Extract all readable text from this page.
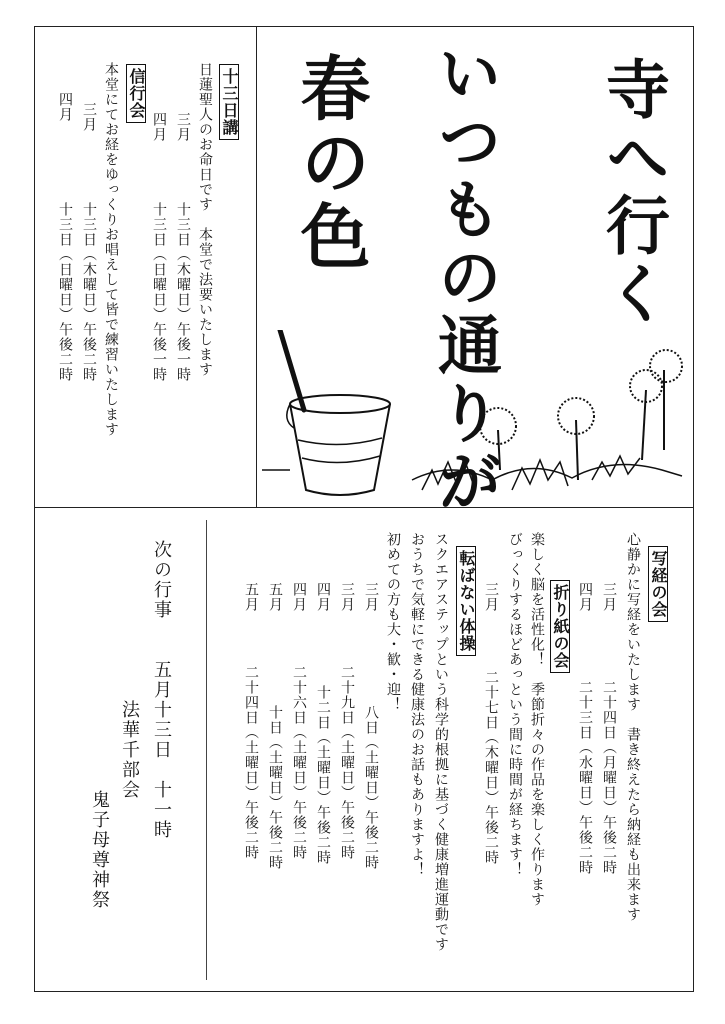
寺へ行く
いつもの通りが
春の色
十三日講
日蓮聖人のお命日です　本堂で法要いたします
三月
十三日（木曜日）午後一時
四月
十三日（日曜日）午後一時
信行会
本堂にてお経をゆっくりお唱えして皆で練習いたします
三月
十三日（木曜日）午後二時
四月
十三日（日曜日）午後二時
写経の会
心静かに写経をいたします　書き終えたら納経も出来ます
三月
二十四日（月曜日）午後二時
四月
二十三日（水曜日）午後二時
折り紙の会
楽しく脳を活性化！　季節折々の作品を楽しく作ります
びっくりするほどあっという間に時間が経ちます！
三月
二十七日（木曜日）午後二時
転ばない体操
スクエアステップという科学的根拠に基づく健康増進運動です
おうちで気軽にできる健康法のお話もありますよ！
初めての方も大・歓・迎！
三月
八日（土曜日）午後二時
三月
二十九日（土曜日）午後二時
四月
十二日（土曜日）午後二時
四月
二十六日（土曜日）午後二時
五月
十日（土曜日）午後二時
五月
二十四日（土曜日）午後二時
次の行事
五月十三日　十一時
法華千部会
鬼子母尊神祭
